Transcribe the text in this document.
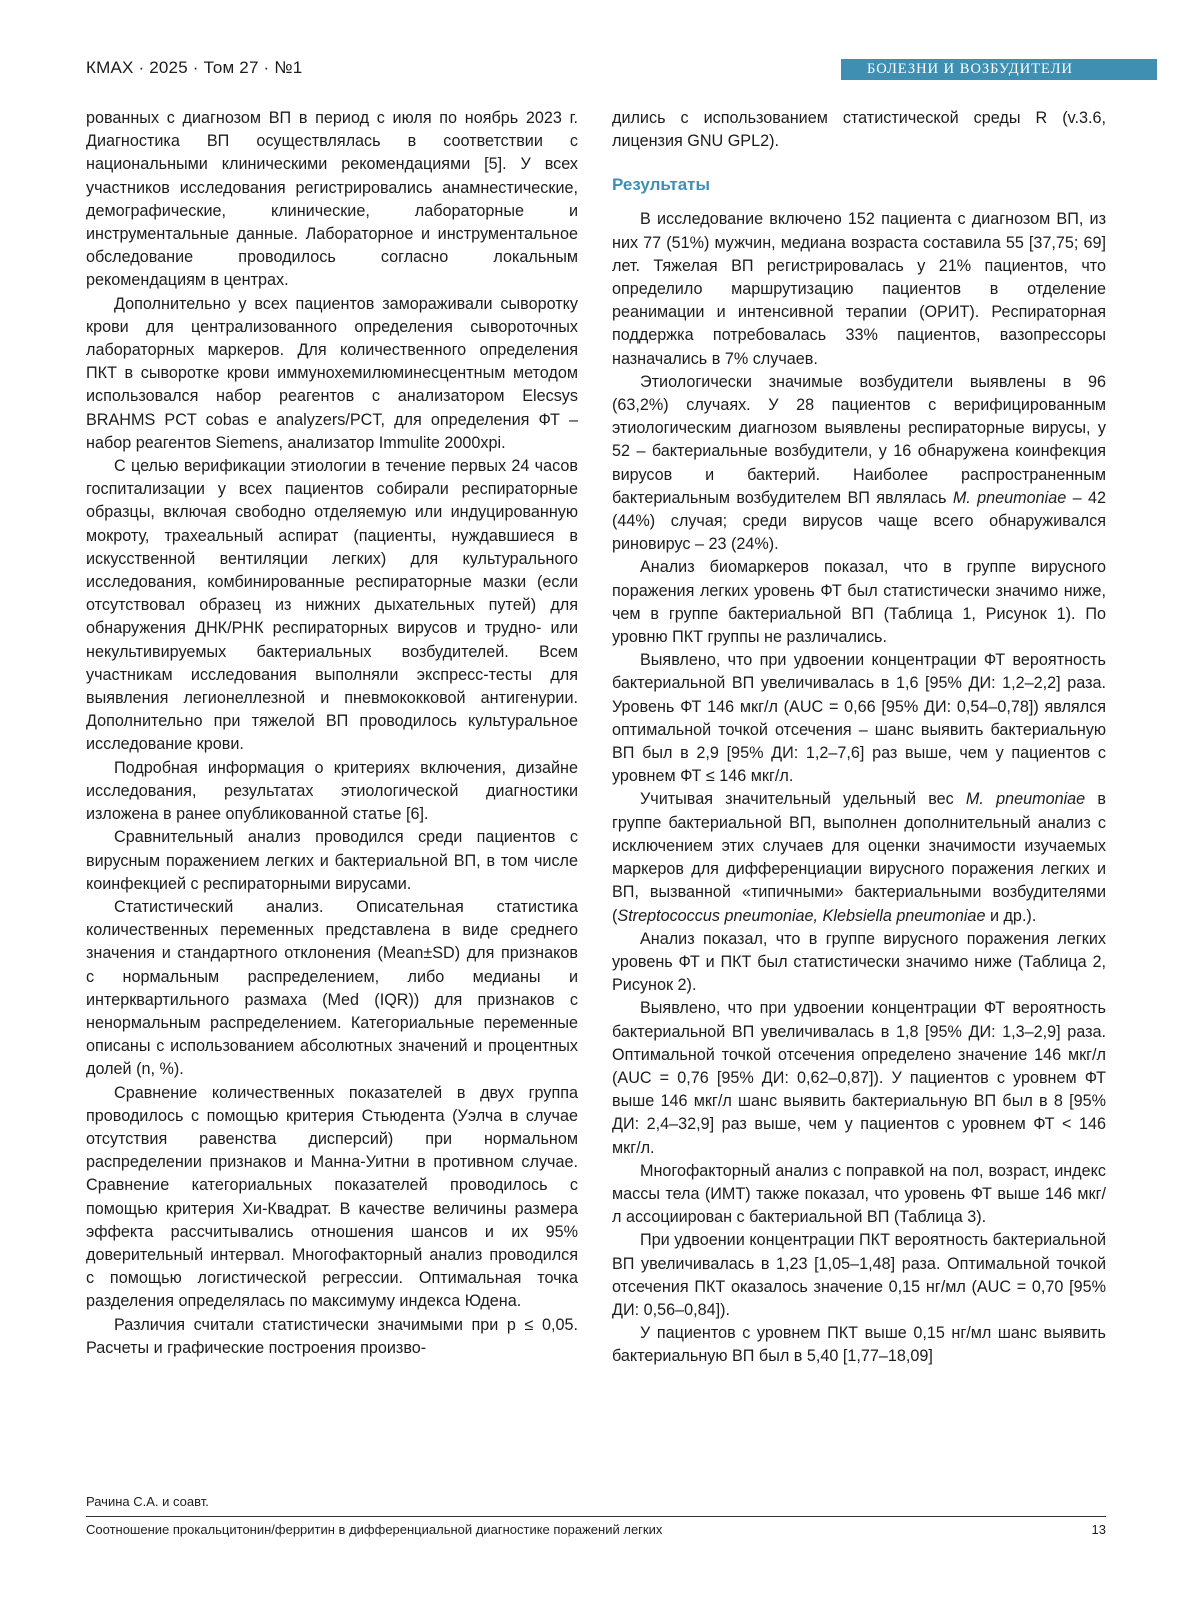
КМАХ · 2025 · Том 27 · №1	БОЛЕЗНИ И ВОЗБУДИТЕЛИ

рованных с диагнозом ВП в период с июля по ноябрь 2023 г. Диагностика ВП осуществлялась в соответствии с национальными клиническими рекомендациями [5]. У всех участников исследования регистрировались анамнестические, демографические, клинические, лабораторные и инструментальные данные. Лабораторное и инструментальное обследование проводилось согласно локальным рекомендациям в центрах.

Дополнительно у всех пациентов замораживали сыворотку крови для централизованного определения сывороточных лабораторных маркеров. Для количественного определения ПКТ в сыворотке крови иммунохемилюминесцентным методом использовался набор реагентов с анализатором Elecsys BRAHMS PCT cobas e analyzers/PCT, для определения ФТ – набор реагентов Siemens, анализатор Immulite 2000xpi.

С целью верификации этиологии в течение первых 24 часов госпитализации у всех пациентов собирали респираторные образцы, включая свободно отделяемую или индуцированную мокроту, трахеальный аспират (пациенты, нуждавшиеся в искусственной вентиляции легких) для культурального исследования, комбинированные респираторные мазки (если отсутствовал образец из нижних дыхательных путей) для обнаружения ДНК/РНК респираторных вирусов и трудно- или некультивируемых бактериальных возбудителей. Всем участникам исследования выполняли экспресс-тесты для выявления легионеллезной и пневмококковой антигенурии. Дополнительно при тяжелой ВП проводилось культуральное исследование крови.

Подробная информация о критериях включения, дизайне исследования, результатах этиологической диагностики изложена в ранее опубликованной статье [6].

Сравнительный анализ проводился среди пациентов с вирусным поражением легких и бактериальной ВП, в том числе коинфекцией с респираторными вирусами.

Статистический анализ. Описательная статистика количественных переменных представлена в виде среднего значения и стандартного отклонения (Mean±SD) для признаков с нормальным распределением, либо медианы и интерквартильного размаха (Med (IQR)) для признаков с ненормальным распределением. Категориальные переменные описаны с использованием абсолютных значений и процентных долей (n, %).

Сравнение количественных показателей в двух группа проводилось с помощью критерия Стьюдента (Уэлча в случае отсутствия равенства дисперсий) при нормальном распределении признаков и Манна-Уитни в противном случае. Сравнение категориальных показателей проводилось с помощью критерия Хи-Квадрат. В качестве величины размера эффекта рассчитывались отношения шансов и их 95% доверительный интервал. Многофакторный анализ проводился с помощью логистической регрессии. Оптимальная точка разделения определялась по максимуму индекса Юдена.

Различия считали статистически значимыми при p ≤ 0,05. Расчеты и графические построения произво-

дились с использованием статистической среды R (v.3.6, лицензия GNU GPL2).

Результаты

В исследование включено 152 пациента с диагнозом ВП, из них 77 (51%) мужчин, медиана возраста составила 55 [37,75; 69] лет. Тяжелая ВП регистрировалась у 21% пациентов, что определило маршрутизацию пациентов в отделение реанимации и интенсивной терапии (ОРИТ). Респираторная поддержка потребовалась 33% пациентов, вазопрессоры назначались в 7% случаев.

Этиологически значимые возбудители выявлены в 96 (63,2%) случаях. У 28 пациентов с верифицированным этиологическим диагнозом выявлены респираторные вирусы, у 52 – бактериальные возбудители, у 16 обнаружена коинфекция вирусов и бактерий. Наиболее распространенным бактериальным возбудителем ВП являлась M. pneumoniae – 42 (44%) случая; среди вирусов чаще всего обнаруживался риновирус – 23 (24%).

Анализ биомаркеров показал, что в группе вирусного поражения легких уровень ФТ был статистически значимо ниже, чем в группе бактериальной ВП (Таблица 1, Рисунок 1). По уровню ПКТ группы не различались.

Выявлено, что при удвоении концентрации ФТ вероятность бактериальной ВП увеличивалась в 1,6 [95% ДИ: 1,2–2,2] раза. Уровень ФТ 146 мкг/л (AUC = 0,66 [95% ДИ: 0,54–0,78]) являлся оптимальной точкой отсечения – шанс выявить бактериальную ВП был в 2,9 [95% ДИ: 1,2–7,6] раз выше, чем у пациентов с уровнем ФТ ≤ 146 мкг/л.

Учитывая значительный удельный вес M. pneumoniae в группе бактериальной ВП, выполнен дополнительный анализ с исключением этих случаев для оценки значимости изучаемых маркеров для дифференциации вирусного поражения легких и ВП, вызванной «типичными» бактериальными возбудителями (Streptococcus pneumoniae, Klebsiella pneumoniae и др.).

Анализ показал, что в группе вирусного поражения легких уровень ФТ и ПКТ был статистически значимо ниже (Таблица 2, Рисунок 2).

Выявлено, что при удвоении концентрации ФТ вероятность бактериальной ВП увеличивалась в 1,8 [95% ДИ: 1,3–2,9] раза. Оптимальной точкой отсечения определено значение 146 мкг/л (AUC = 0,76 [95% ДИ: 0,62–0,87]). У пациентов с уровнем ФТ выше 146 мкг/л шанс выявить бактериальную ВП был в 8 [95% ДИ: 2,4–32,9] раз выше, чем у пациентов с уровнем ФТ < 146 мкг/л.

Многофакторный анализ с поправкой на пол, возраст, индекс массы тела (ИМТ) также показал, что уровень ФТ выше 146 мкг/л ассоциирован с бактериальной ВП (Таблица 3).

При удвоении концентрации ПКТ вероятность бактериальной ВП увеличивалась в 1,23 [1,05–1,48] раза. Оптимальной точкой отсечения ПКТ оказалось значение 0,15 нг/мл (AUC = 0,70 [95% ДИ: 0,56–0,84]).

У пациентов с уровнем ПКТ выше 0,15 нг/мл шанс выявить бактериальную ВП был в 5,40 [1,77–18,09]

Рачина С.А. и соавт.
Соотношение прокальцитонин/ферритин в дифференциальной диагностике поражений легких	13
